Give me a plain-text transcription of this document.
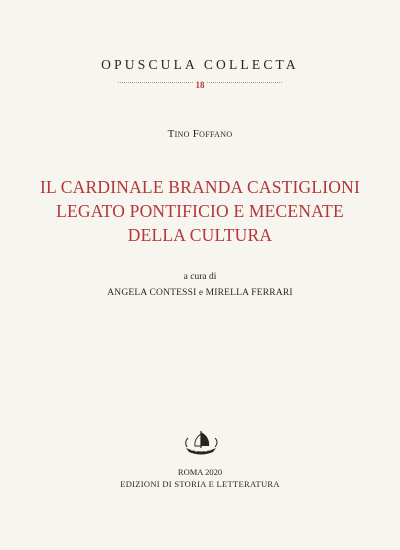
OPUSCULA COLLECTA
18
Tino Foffano
IL CARDINALE BRANDA CASTIGLIONI
LEGATO PONTIFICIO E MECENATE
DELLA CULTURA
a cura di
ANGELA CONTESSI e MIRELLA FERRARI
ROMA 2020
EDIZIONI DI STORIA E LETTERATURA
